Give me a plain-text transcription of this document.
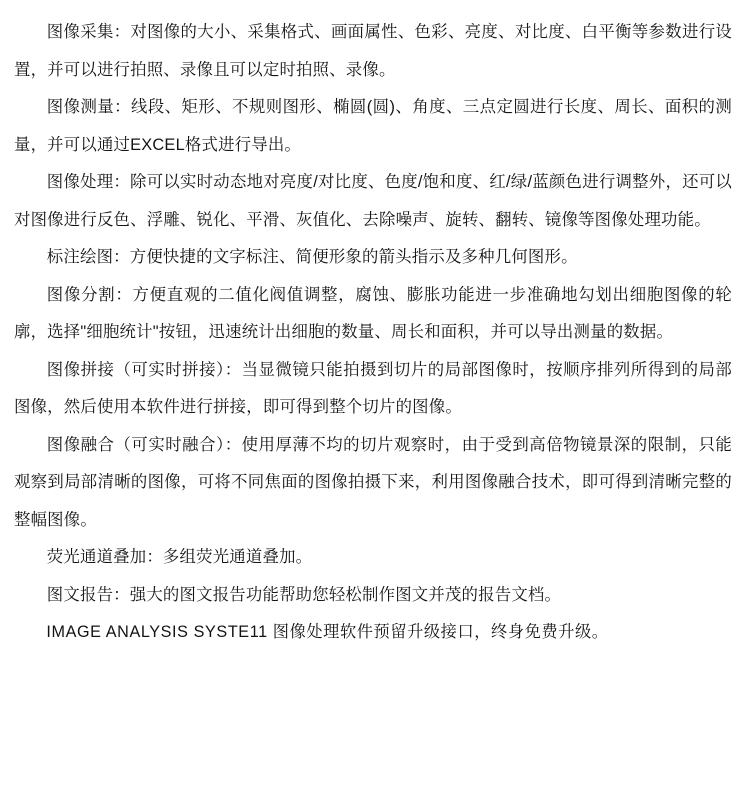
图像采集：对图像的大小、采集格式、画面属性、色彩、亮度、对比度、白平衡等参数进行设置，并可以进行拍照、录像且可以定时拍照、录像。

图像测量：线段、矩形、不规则图形、椭圆(圆)、角度、三点定圆进行长度、周长、面积的测量，并可以通过EXCEL格式进行导出。

图像处理：除可以实时动态地对亮度/对比度、色度/饱和度、红/绿/蓝颜色进行调整外，还可以对图像进行反色、浮雕、锐化、平滑、灰值化、去除噪声、旋转、翻转、镜像等图像处理功能。

标注绘图：方便快捷的文字标注、简便形象的箭头指示及多种几何图形。

图像分割：方便直观的二值化阀值调整，腐蚀、膨胀功能进一步准确地勾划出细胞图像的轮廓，选择"细胞统计"按钮，迅速统计出细胞的数量、周长和面积，并可以导出测量的数据。

图像拼接（可实时拼接）：当显微镜只能拍摄到切片的局部图像时，按顺序排列所得到的局部图像，然后使用本软件进行拼接，即可得到整个切片的图像。

图像融合（可实时融合）：使用厚薄不均的切片观察时，由于受到高倍物镜景深的限制，只能观察到局部清晰的图像，可将不同焦面的图像拍摄下来，利用图像融合技术，即可得到清晰完整的整幅图像。

荧光通道叠加：多组荧光通道叠加。

图文报告：强大的图文报告功能帮助您轻松制作图文并茂的报告文档。

IMAGE ANALYSIS SYSTE11 图像处理软件预留升级接口，终身免费升级。
